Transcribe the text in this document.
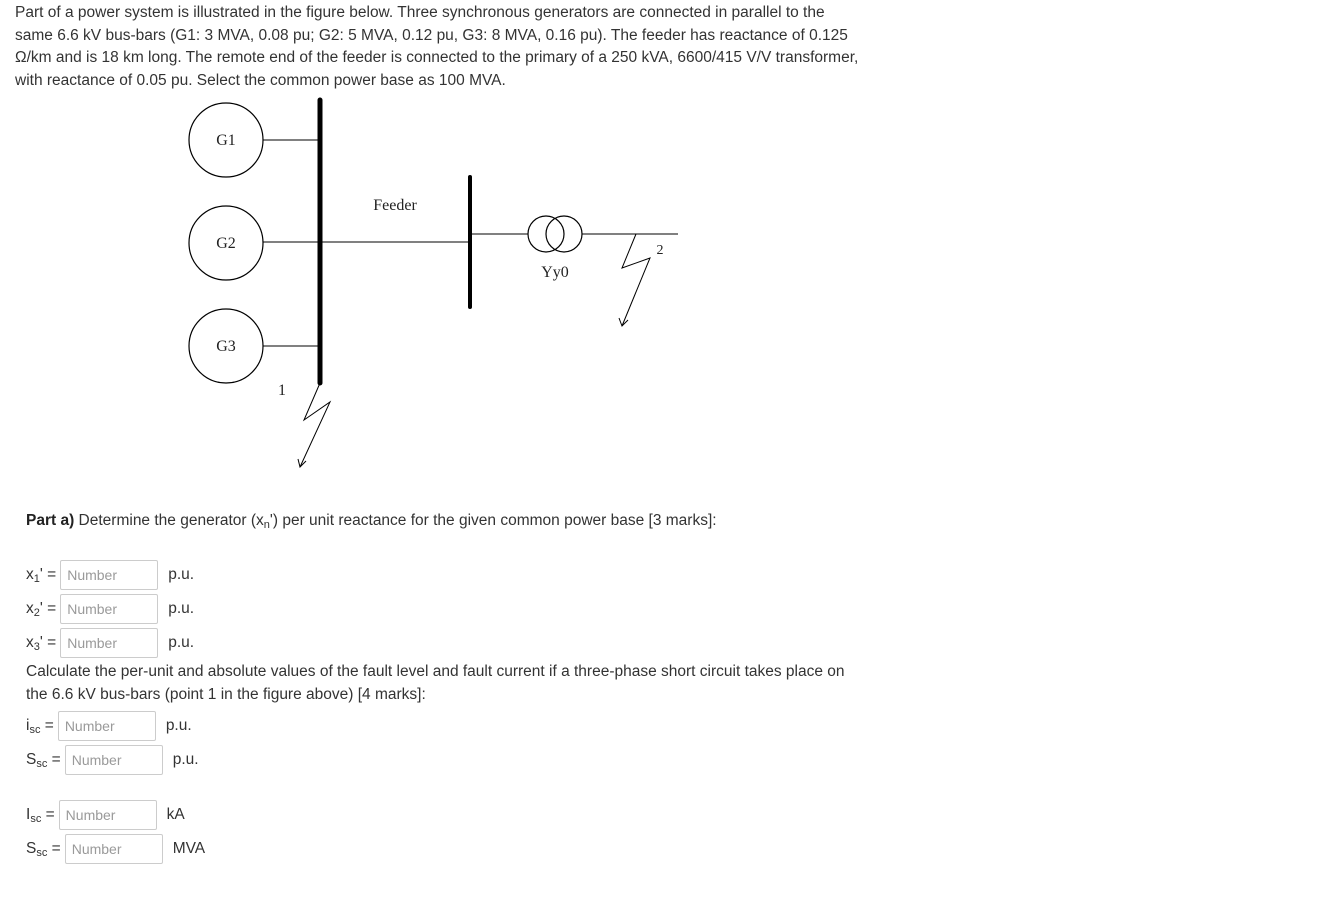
Part of a power system is illustrated in the figure below. Three synchronous generators are connected in parallel to the same 6.6 kV bus-bars (G1: 3 MVA, 0.08 pu; G2: 5 MVA, 0.12 pu, G3: 8 MVA, 0.16 pu). The feeder has reactance of 0.125 Ω/km and is 18 km long. The remote end of the feeder is connected to the primary of a 250 kVA, 6600/415 V/V transformer, with reactance of 0.05 pu. Select the common power base as 100 MVA.
G1
G2
G3
Feeder
Yy0
2
1
Part a) Determine the generator $(x_n')$ per unit reactance for the given common power base [3 marks]:
$x_1'$ =
Number	p.u.
$x_2'$ =
Number	p.u.
$x_3'$ =
Number	p.u.
Calculate the per-unit and absolute values of the fault level and fault current if a three-phase short circuit takes place on the 6.6 kV bus-bars (point 1 in the figure above) [4 marks]:
$i_{sc}$ =
Number	p.u.
$S_{sc}$ =
Number	p.u.
$I_{sc}$ =
Number	kA
$S_{sc}$ =
Number	MVA
